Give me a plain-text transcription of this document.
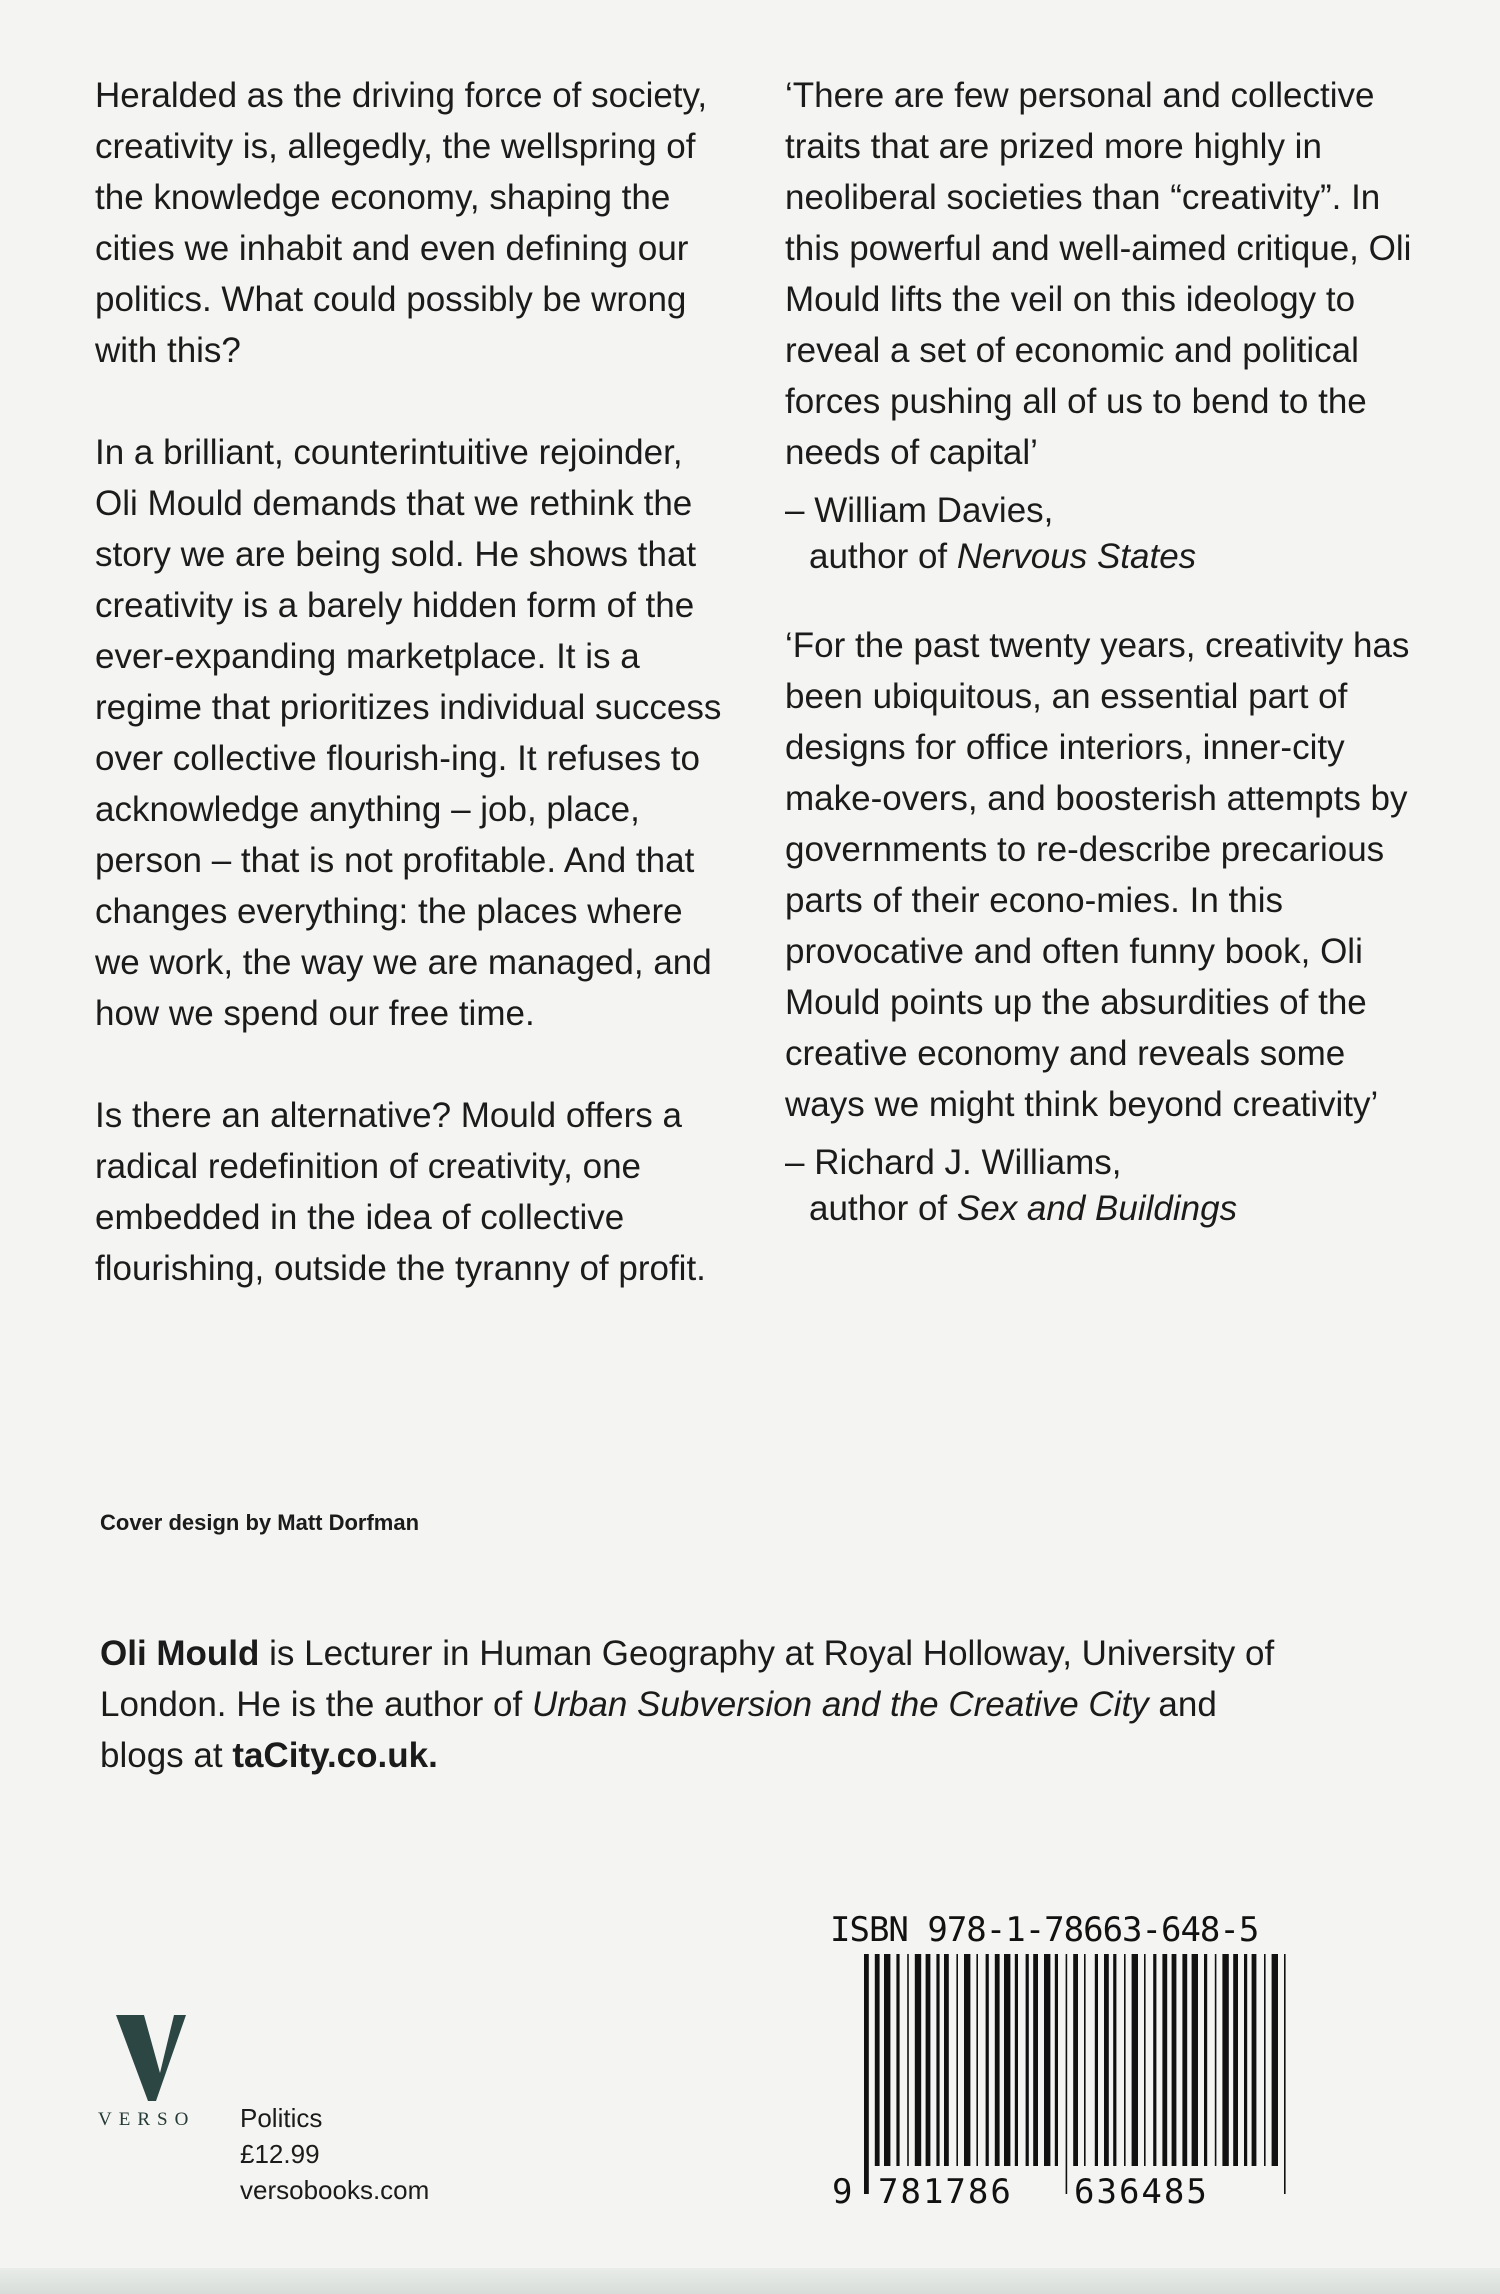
Heralded as the driving force of society, creativity is, allegedly, the wellspring of the knowledge economy, shaping the cities we inhabit and even defining our politics. What could possibly be wrong with this?

In a brilliant, counterintuitive rejoinder, Oli Mould demands that we rethink the story we are being sold. He shows that creativity is a barely hidden form of the ever-expanding marketplace. It is a regime that prioritizes individual success over collective flourish-ing. It refuses to acknowledge anything – job, place, person – that is not profitable. And that changes everything: the places where we work, the way we are managed, and how we spend our free time.

Is there an alternative? Mould offers a radical redefinition of creativity, one embedded in the idea of collective flourishing, outside the tyranny of profit.

‘There are few personal and collective traits that are prized more highly in neoliberal societies than “creativity”. In this powerful and well-aimed critique, Oli Mould lifts the veil on this ideology to reveal a set of economic and political forces pushing all of us to bend to the needs of capital’

– William Davies,
author of Nervous States

‘For the past twenty years, creativity has been ubiquitous, an essential part of designs for office interiors, inner-city make-overs, and boosterish attempts by governments to re-describe precarious parts of their econo-mies. In this provocative and often funny book, Oli Mould points up the absurdities of the creative economy and reveals some ways we might think beyond creativity’

– Richard J. Williams,
author of Sex and Buildings

Oli Mould is Lecturer in Human Geography at Royal Holloway, University of London. He is the author of Urban Subversion and the Creative City and blogs at taCity.co.uk.
Cover design by Matt Dorfman
VERSO	Politics
£12.99
versobooks.com
ISBN 978-1-78663-648-5
9 781786 636485
